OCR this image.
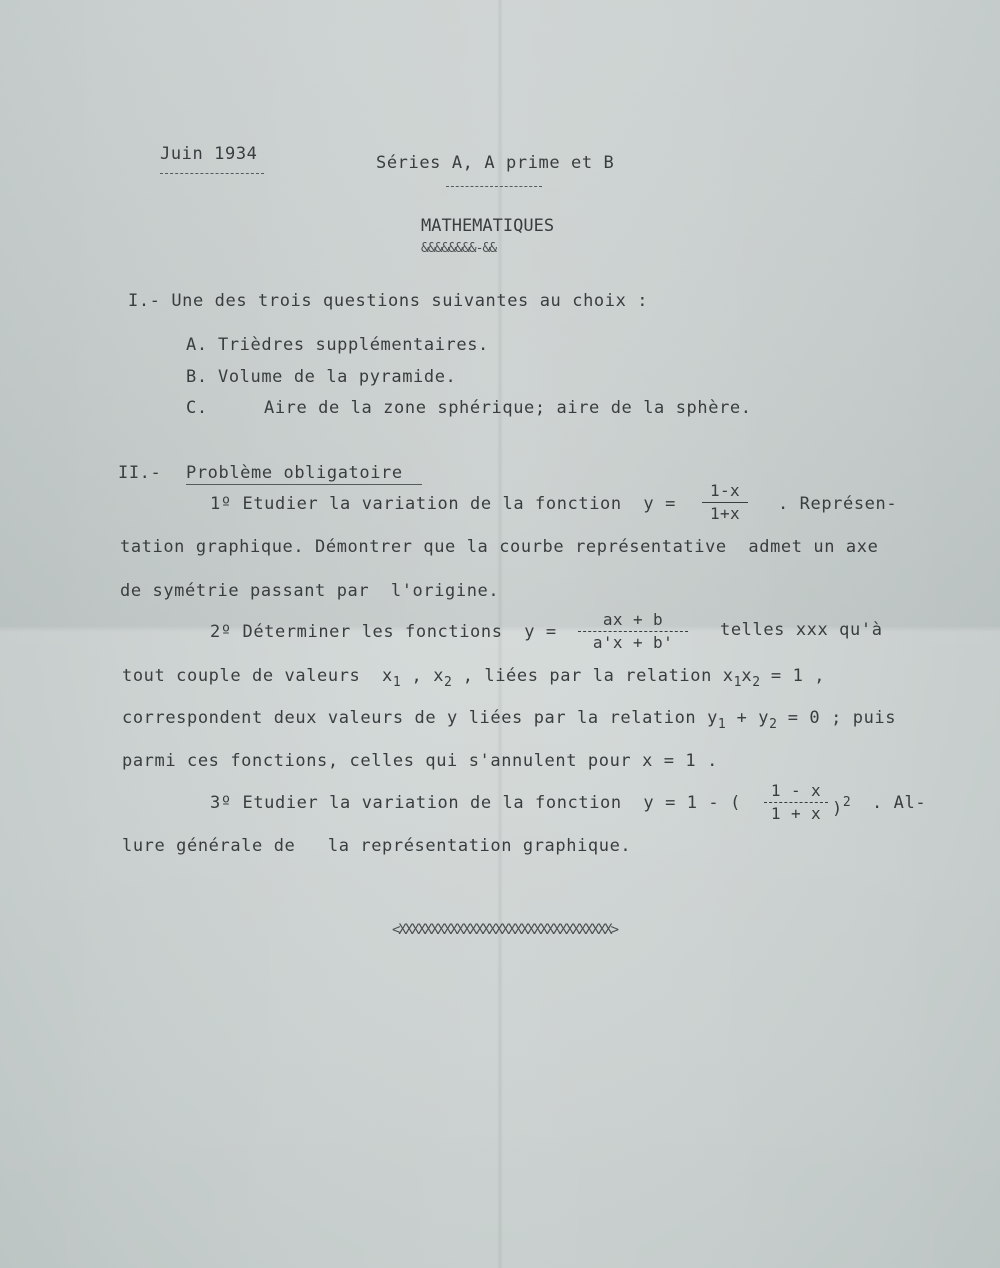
Juin 1934	Séries A, A prime et B
MATHEMATIQUES
&&&&&&&&-&&
I.- Une des trois questions suivantes au choix :
A. Trièdres supplémentaires.
B. Volume de la pyramide.
C.	Aire de la zone sphérique; aire de la sphère.
II.- Problème obligatoire
1º Etudier la variation de la fonction  y =
1-x
1+x	. Représen-
tation graphique. Démontrer que la courbe représentative  admet un axe
de symétrie passant par  l'origine.
2º Déterminer les fonctions  y =
ax + b
a'x + b'
telles xxx qu'à
tout couple de valeurs  $x_1$ , $x_2$ , liées par la relation $x_1x_2 = 1$ ,
correspondent deux valeurs de y liées par la relation $y_1 + y_2 = 0$ ; puis
parmi ces fonctions, celles qui s'annulent pour x = 1 .
3º Etudier la variation de la fonction  y = 1 - (
1 - x
1 + x )$^2$ . Al-
lure générale de   la représentation graphique.
<XXXXXXXXXXXXXXXXXXXXXXXXXXXXXXXXX>
